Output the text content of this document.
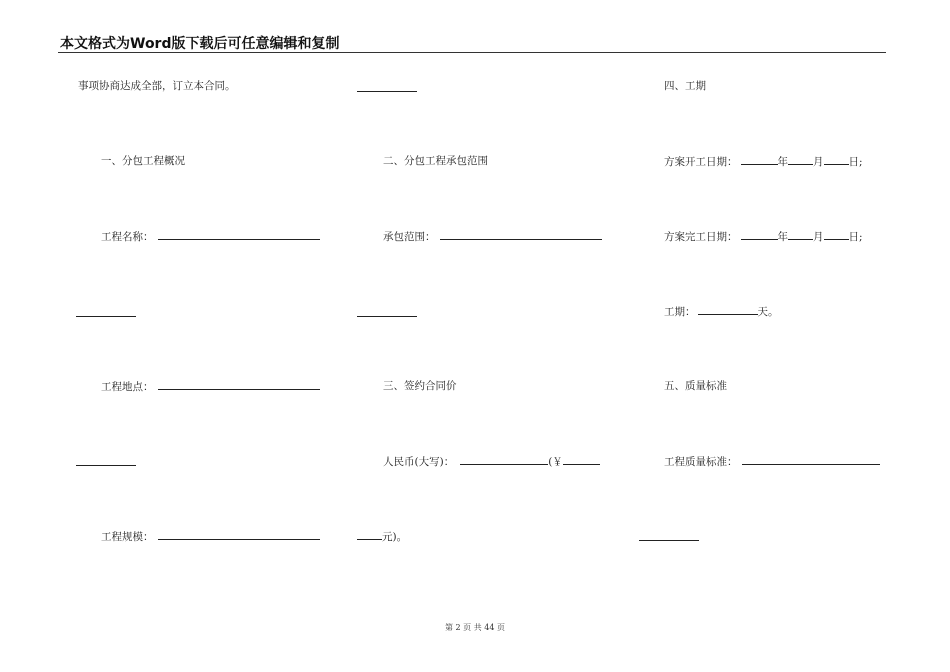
本文格式为Word版下载后可任意编辑和复制
事项协商达成全部，订立本合同。
一、分包工程概况
工程名称：
工程地点：
工程规模：
二、分包工程承包范围
承包范围：
三、签约合同价
人民币(大写)：	(￥
元)。
四、工期
方案开工日期：	年 月 日;
方案完工日期：	年 月 日;
工期：	天。
五、质量标准
工程质量标准：
第 2 页 共 44 页
